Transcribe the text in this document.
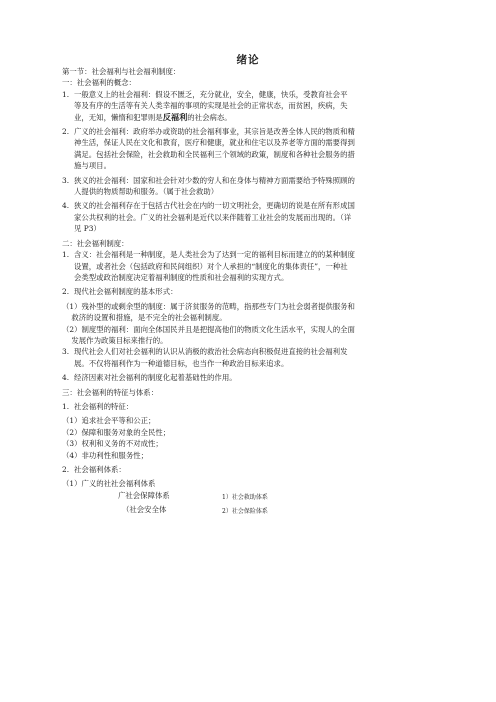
绪论
第一节：社会福利与社会福利制度：
一：社会福利的概念：
1. 一般意义上的社会福利：假设不匮乏，充分就业，安全，健康，快乐，受教育社会平
等及有序的生活等有关人类幸福的事项的实现是社会的正常状态，而贫困，疾病，失
业，无知，懒惰和犯罪则是反福利的社会病态。
2. 广义的社会福利：政府举办或资助的社会福利事业，其宗旨是改善全体人民的物质和精
神生活，保证人民在文化和教育，医疗和健康，就业和住宅以及养老等方面的需要得到
满足。包括社会保险，社会救助和全民福利三个领域的政策，制度和各种社会服务的措
施与项目。
3. 狭义的社会福利：国家和社会针对少数的穷人和在身体与精神方面需要给予特殊照顾的
人提供的物质帮助和服务。（属于社会救助）
4. 狭义的社会福利存在于包括古代社会在内的一切文明社会，更确切的说是在所有形成国
家公共权利的社会。广义的社会福利是近代以来伴随着工业社会的发展而出现的。（详
见 P3）
二：社会福利制度：
1. 含义：社会福利是一种制度，是人类社会为了达到一定的福利目标而建立的的某种制度
设置，或者社会（包括政府和民间组织）对个人承担的“制度化的集体责任”，一种社
会类型或政治制度决定着福利制度的性质和社会福利的实现方式。
2. 现代社会福利制度的基本形式：
（1）残补型的或剩余型的制度：属于济贫服务的范畴，指那些专门为社会弱者提供服务和
救济的设置和措施，是不完全的社会福利制度。
（2）制度型的福利：面向全体国民并且是把提高他们的物质文化生活水平，实现人的全面
发展作为政策目标来推行的。
3. 现代社会人们对社会福利的认识从消极的救治社会病态向积极促进直接的社会福利发
展。不仅将福利作为一种道德目标，也当作一种政治目标来追求。
4. 经济因素对社会福利的制度化起着基础性的作用。
三：社会福利的特征与体系：
1. 社会福利的特征：
（1）追求社会平等和公正；
（2）保障和服务对象的全民性；
（3）权利和义务的不对成性；
（4）非功利性和服务性；
2. 社会福利体系：
（1）广义的社社会福利体系
广社会保障体系
（社会安全体
1）社会救助体系
2）社会保险体系
